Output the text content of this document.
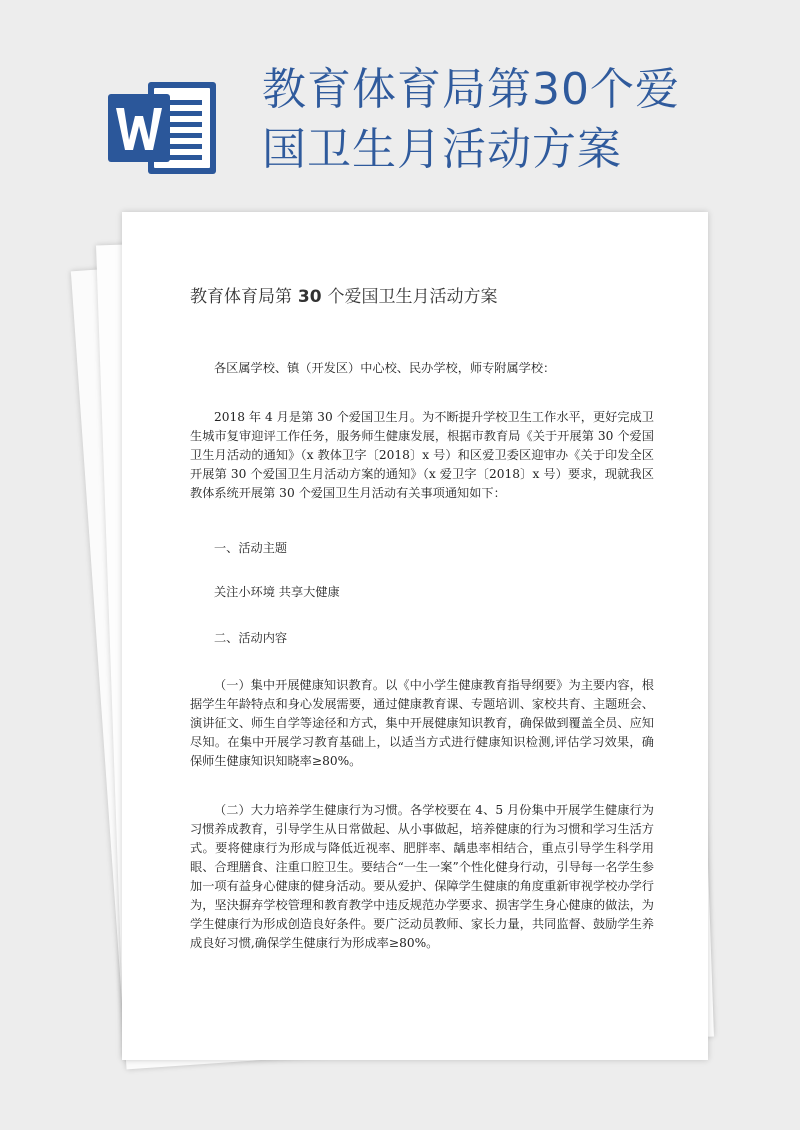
教育体育局第30个爱
国卫生月活动方案
教育体育局第 30 个爱国卫生月活动方案

各区属学校、镇（开发区）中心校、民办学校，师专附属学校：

2018 年 4 月是第 30 个爱国卫生月。为不断提升学校卫生工作水平，更好完成卫生城市复审迎评工作任务，服务师生健康发展，根据市教育局《关于开展第 30 个爱国卫生月活动的通知》（x 教体卫字〔2018〕x 号）和区爱卫委区迎审办《关于印发全区开展第 30 个爱国卫生月活动方案的通知》（x 爱卫字〔2018〕x 号）要求，现就我区教体系统开展第 30 个爱国卫生月活动有关事项通知如下：

一、活动主题

关注小环境 共享大健康

二、活动内容

（一）集中开展健康知识教育。以《中小学生健康教育指导纲要》为主要内容，根据学生年龄特点和身心发展需要，通过健康教育课、专题培训、家校共育、主题班会、演讲征文、师生自学等途径和方式，集中开展健康知识教育，确保做到覆盖全员、应知尽知。在集中开展学习教育基础上，以适当方式进行健康知识检测,评估学习效果，确保师生健康知识知晓率≥80%。

（二）大力培养学生健康行为习惯。各学校要在 4、5 月份集中开展学生健康行为习惯养成教育，引导学生从日常做起、从小事做起，培养健康的行为习惯和学习生活方式。要将健康行为形成与降低近视率、肥胖率、龋患率相结合，重点引导学生科学用眼、合理膳食、注重口腔卫生。要结合“一生一案”个性化健身行动，引导每一名学生参加一项有益身心健康的健身活动。要从爱护、保障学生健康的角度重新审视学校办学行为，坚決摒弃学校管理和教育教学中违反规范办学要求、损害学生身心健康的做法，为学生健康行为形成创造良好条件。要广泛动员教师、家长力量，共同监督、鼓励学生养成良好习惯,确保学生健康行为形成率≥80%。
